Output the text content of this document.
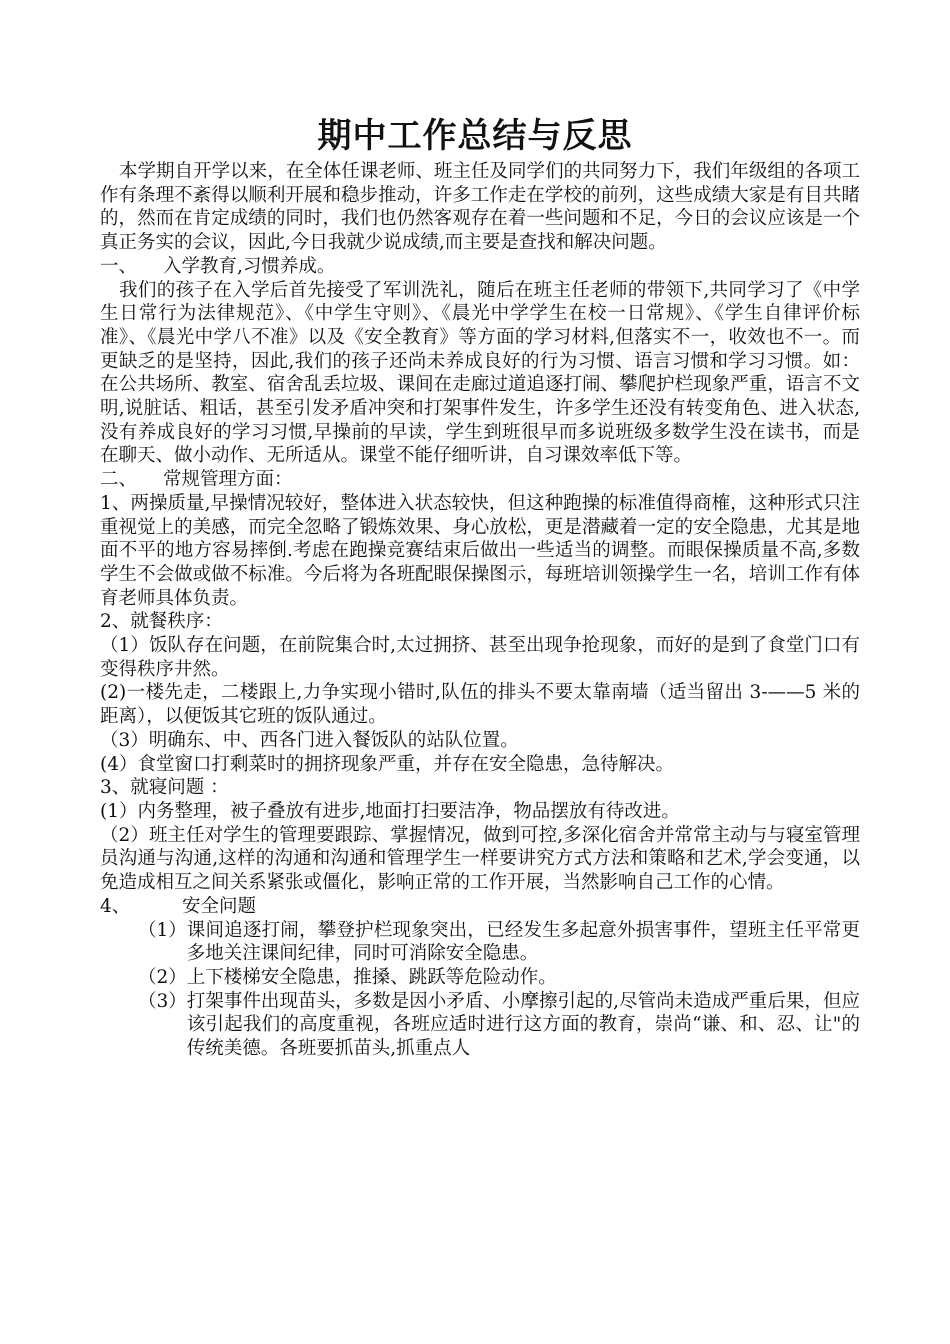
期中工作总结与反思

本学期自开学以来，在全体任课老师、班主任及同学们的共同努力下，我们年级组的各项工作有条理不紊得以顺利开展和稳步推动，许多工作走在学校的前列，这些成绩大家是有目共睹的，然而在肯定成绩的同时，我们也仍然客观存在着一些问题和不足，今日的会议应该是一个真正务实的会议，因此,今日我就少说成绩,而主要是查找和解决问题。

一、	入学教育,习惯养成。

我们的孩子在入学后首先接受了军训洗礼，随后在班主任老师的带领下,共同学习了《中学生日常行为法律规范》、《中学生守则》、《晨光中学学生在校一日常规》、《学生自律评价标准》、《晨光中学八不准》以及《安全教育》等方面的学习材料,但落实不一，收效也不一。而更缺乏的是坚持，因此,我们的孩子还尚未养成良好的行为习惯、语言习惯和学习习惯。如：在公共场所、教室、宿舍乱丢垃圾、课间在走廊过道追逐打闹、攀爬护栏现象严重，语言不文明,说脏话、粗话，甚至引发矛盾冲突和打架事件发生，许多学生还没有转变角色、进入状态,没有养成良好的学习习惯,早操前的早读，学生到班很早而多说班级多数学生没在读书，而是在聊天、做小动作、无所适从。课堂不能仔细听讲，自习课效率低下等。

二、	常规管理方面：

1、两操质量,早操情况较好，整体进入状态较快，但这种跑操的标准值得商榷，这种形式只注重视觉上的美感，而完全忽略了锻炼效果、身心放松，更是潜藏着一定的安全隐患，尤其是地面不平的地方容易摔倒.考虑在跑操竞赛结束后做出一些适当的调整。而眼保操质量不高,多数学生不会做或做不标准。今后将为各班配眼保操图示，每班培训领操学生一名，培训工作有体育老师具体负责。

2、就餐秩序：

（1）饭队存在问题，在前院集合时,太过拥挤、甚至出现争抢现象，而好的是到了食堂门口有变得秩序井然。

(2)一楼先走，二楼跟上,力争实现小错时,队伍的排头不要太靠南墙（适当留出 3-——5 米的距离），以便饭其它班的饭队通过。

（3）明确东、中、西各门进入餐饭队的站队位置。

(4）食堂窗口打剩菜时的拥挤现象严重，并存在安全隐患，急待解决。

3、就寝问题 ：

(1）内务整理，被子叠放有进步,地面打扫要洁净，物品摆放有待改进。

（2）班主任对学生的管理要跟踪、掌握情况，做到可控,多深化宿舍并常常主动与与寝室管理员沟通与沟通,这样的沟通和沟通和管理学生一样要讲究方式方法和策略和艺术,学会变通，以免造成相互之间关系紧张或僵化，影响正常的工作开展，当然影响自己工作的心情。

4、	安全问题
（1） 课间追逐打闹，攀登护栏现象突出，已经发生多起意外损害事件，望班主任平常更多地关注课间纪律，同时可消除安全隐患。
（2） 上下楼梯安全隐患，推搡、跳跃等危险动作。
（3） 打架事件出现苗头，多数是因小矛盾、小摩擦引起的,尽管尚未造成严重后果，但应该引起我们的高度重视，各班应适时进行这方面的教育，崇尚“谦、和、忍、让"的传统美德。各班要抓苗头,抓重点人
